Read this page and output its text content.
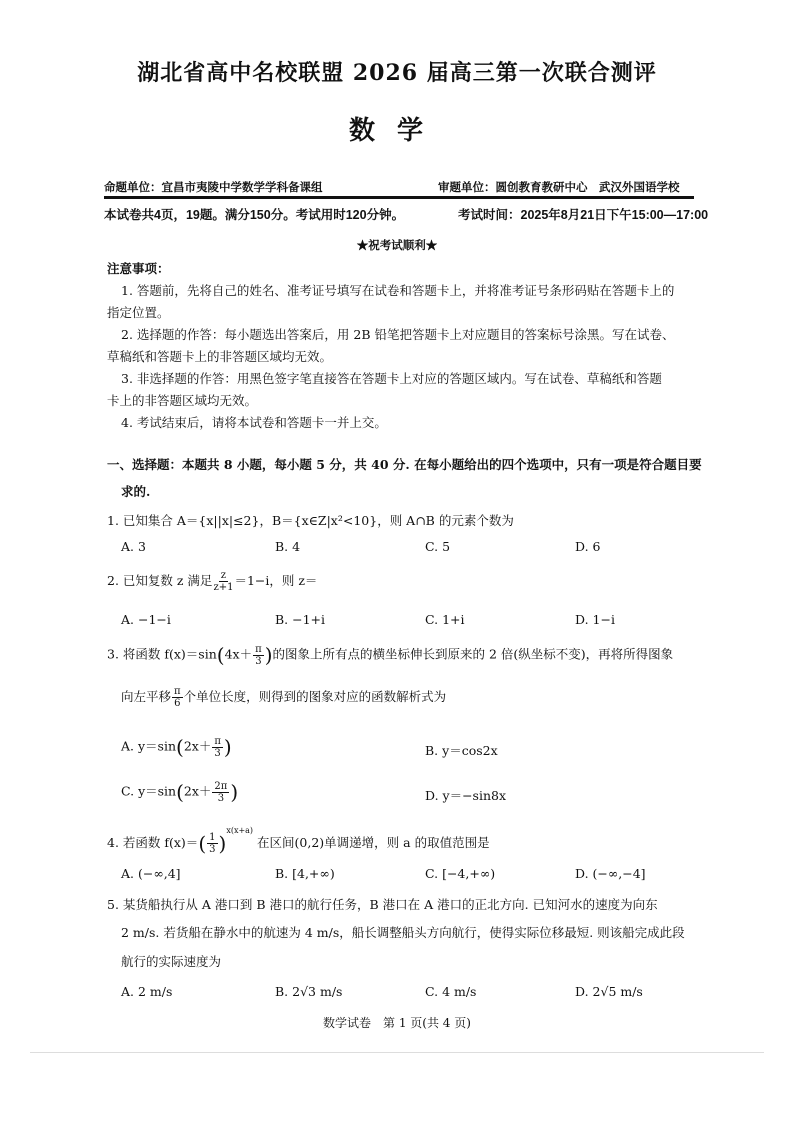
湖北省高中名校联盟 2026 届高三第一次联合测评
数学
命题单位：宜昌市夷陵中学数学学科备课组	审题单位：圆创教育教研中心　武汉外国语学校
本试卷共4页，19题。满分150分。考试用时120分钟。	考试时间：2025年8月21日下午15:00—17:00
★祝考试顺利★
注意事项：
1. 答题前，先将自己的姓名、准考证号填写在试卷和答题卡上，并将准考证号条形码贴在答题卡上的
指定位置。
2. 选择题的作答：每小题选出答案后，用 2B 铅笔把答题卡上对应题目的答案标号涂黑。写在试卷、
草稿纸和答题卡上的非答题区域均无效。
3. 非选择题的作答：用黑色签字笔直接答在答题卡上对应的答题区域内。写在试卷、草稿纸和答题
卡上的非答题区域均无效。
4. 考试结束后，请将本试卷和答题卡一并上交。
一、选择题：本题共 8 小题，每小题 5 分，共 40 分. 在每小题给出的四个选项中，只有一项是符合题目要
求的.
1. 已知集合 A＝{x||x|≤2}，B＝{x∈Z|x²<10}，则 A∩B 的元素个数为
A. 3	B. 4	C. 5	D. 6
2. 已知复数 z 满足 $\frac{z}{z+1} =1-i$，则 z＝
A. −1−i	B. −1+i	C. 1+i	D. 1−i
3. 将函数 $f(x)=\sin(4x+ \frac{\pi}{3}$ )的图象上所有点的横坐标伸长到原来的 2 倍(纵坐标不变)，再将所得图象
向左平移 $\frac{\pi}{6}$ 个单位长度，则得到的图象对应的函数解析式为
A. $y=\sin(2x+ \frac{\pi}{3}$ )	B. y＝cos2x
C. $y=\sin(2x+ \frac{2\pi}{3}$ )	D. y＝−sin8x
4. 若函数 $f(x)=( \frac{1}{3} )^{x(x+a)}$ 在区间(0,2)单调递增，则 a 的取值范围是
A. (−∞,4]	B. [4,+∞)	C. [−4,+∞)	D. (−∞,−4]
5. 某货船执行从 A 港口到 B 港口的航行任务，B 港口在 A 港口的正北方向. 已知河水的速度为向东
2 m/s. 若货船在静水中的航速为 4 m/s，船长调整船头方向航行，使得实际位移最短. 则该船完成此段
航行的实际速度为
A. 2 m/s	B. 2√3 m/s	C. 4 m/s	D. 2√5 m/s
数学试卷　第 1 页(共 4 页)
